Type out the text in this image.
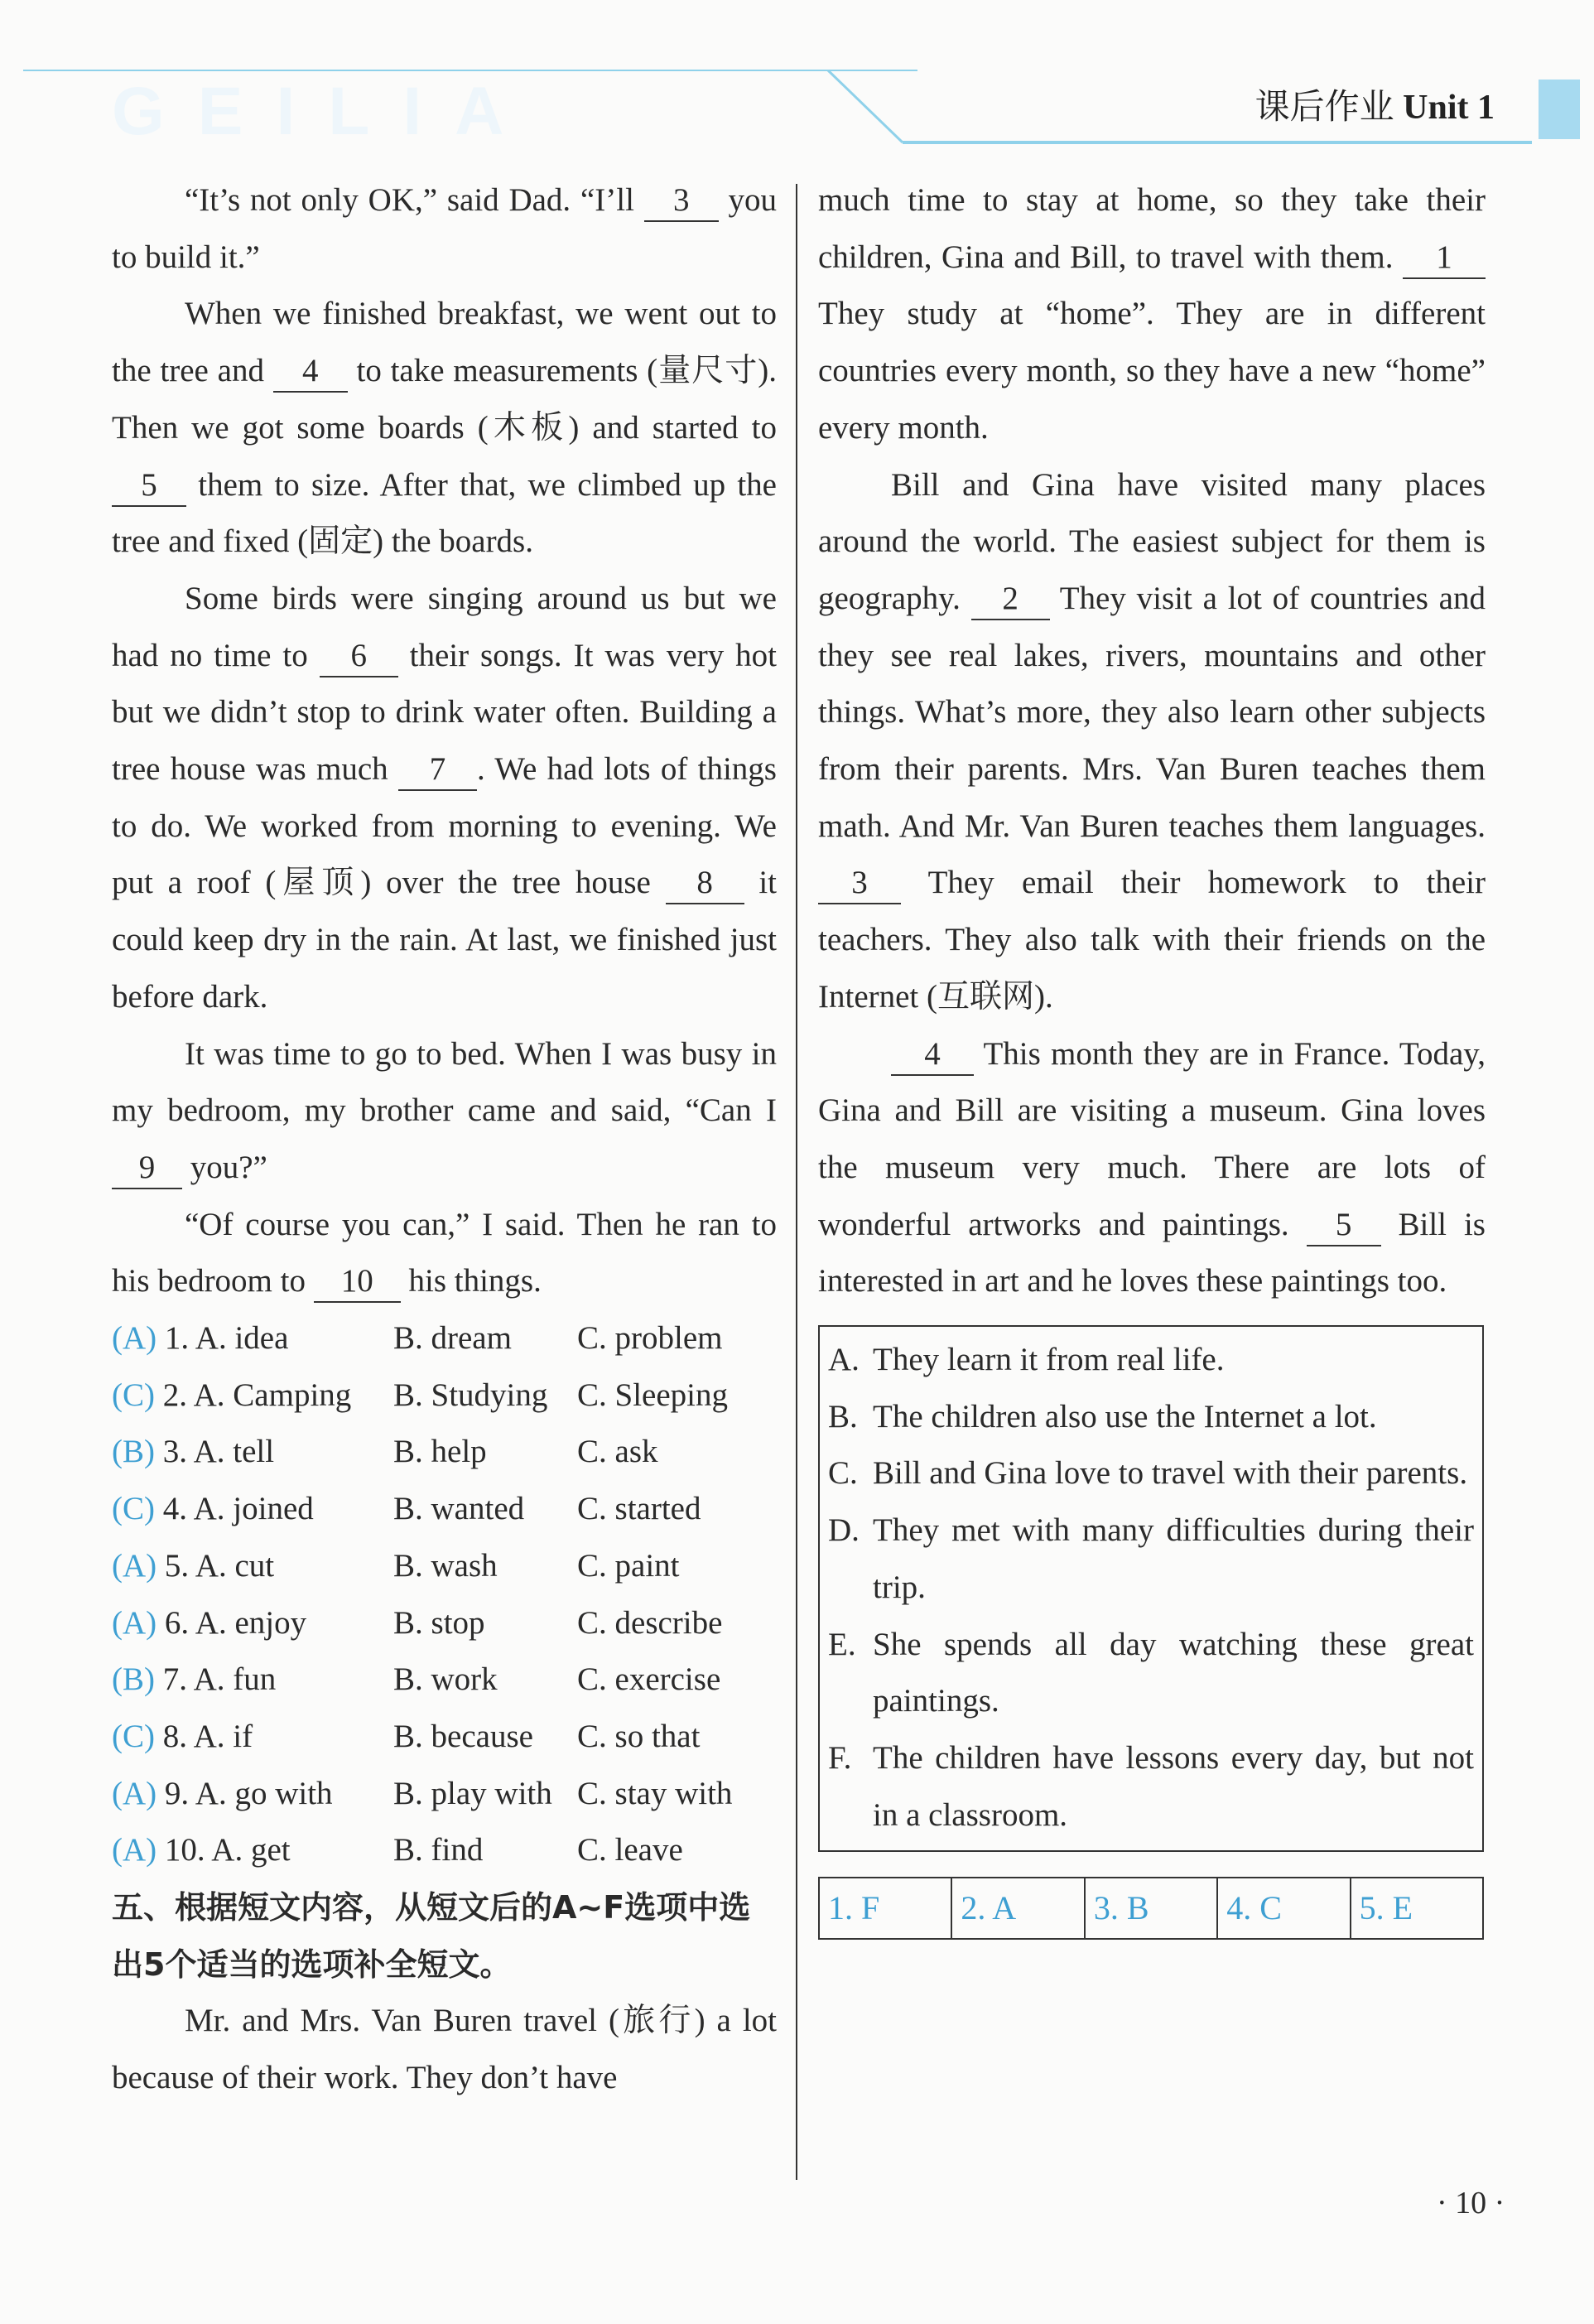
GEILIA	课后作业 Unit 1

“It’s not only OK,” said Dad. “I’ll 3 you to build it.”

When we finished breakfast, we went out to the tree and 4 to take measurements (量尺寸). Then we got some boards (木板) and started to 5 them to size. After that, we climbed up the tree and fixed (固定) the boards.

Some birds were singing around us but we had no time to 6 their songs. It was very hot but we didn’t stop to drink water often. Building a tree house was much 7 . We had lots of things to do. We worked from morning to evening. We put a roof (屋顶) over the tree house 8 it could keep dry in the rain. At last, we finished just before dark.

It was time to go to bed. When I was busy in my bedroom, my brother came and said, “Can I 9 you?”

“Of course you can,” I said. Then he ran to his bedroom to 10 his things.

(A) 1. A. idea	B. dream	C. problem
(C) 2. A. Camping	B. Studying C. Sleeping
(B) 3. A. tell	B. help	C. ask
(C) 4. A. joined	B. wanted	C. started
(A) 5. A. cut	B. wash	C. paint
(A) 6. A. enjoy	B. stop	C. describe
(B) 7. A. fun	B. work	C. exercise
(C) 8. A. if	B. because	C. so that
(A) 9. A. go with	B. play with C. stay with
(A) 10. A. get	B. find	C. leave
五、根据短文内容，从短文后的A~F选项中选出5个适当的选项补全短文。

Mr. and Mrs. Van Buren travel (旅行) a lot because of their work. They don’t have

much time to stay at home, so they take their children, Gina and Bill, to travel with them. 1 They study at “home”. They are in different countries every month, so they have a new “home” every month.

Bill and Gina have visited many places around the world. The easiest subject for them is geography. 2 They visit a lot of countries and they see real lakes, rivers, mountains and other things. What’s more, they also learn other subjects from their parents. Mrs. Van Buren teaches them math. And Mr. Van Buren teaches them languages. 3 They email their homework to their teachers. They also talk with their friends on the Internet (互联网).

4 This month they are in France. Today, Gina and Bill are visiting a museum. Gina loves the museum very much. There are lots of wonderful artworks and paintings. 5 Bill is interested in art and he loves these paintings too.

A. They learn it from real life.
B. The children also use the Internet a lot.
C. Bill and Gina love to travel with their parents.
D. They met with many difficulties during their trip.
E. She spends all day watching these great paintings.
F. The children have lessons every day, but not in a classroom.
1. F	2. A	3. B	4. C	5. E
· 10 ·
